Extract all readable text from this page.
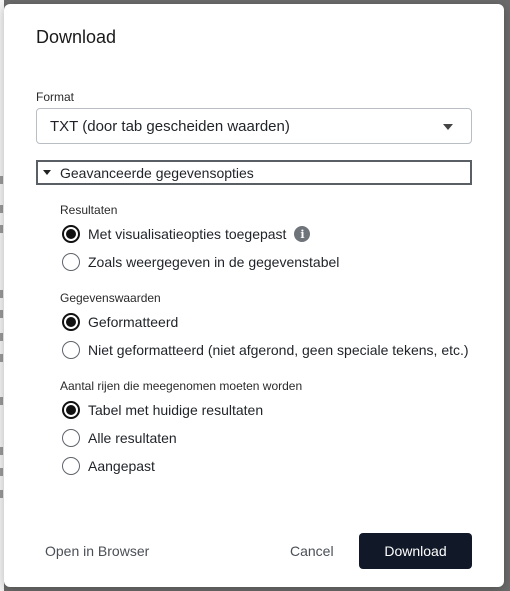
Download
Format
TXT (door tab gescheiden waarden)
Geavanceerde gegevensopties
Resultaten
Met visualisatieopties toegepast	i
Zoals weergegeven in de gegevenstabel
Gegevenswaarden
Geformatteerd
Niet geformatteerd (niet afgerond, geen speciale tekens, etc.)
Aantal rijen die meegenomen moeten worden
Tabel met huidige resultaten
Alle resultaten
Aangepast
Open in Browser	Cancel	Download
